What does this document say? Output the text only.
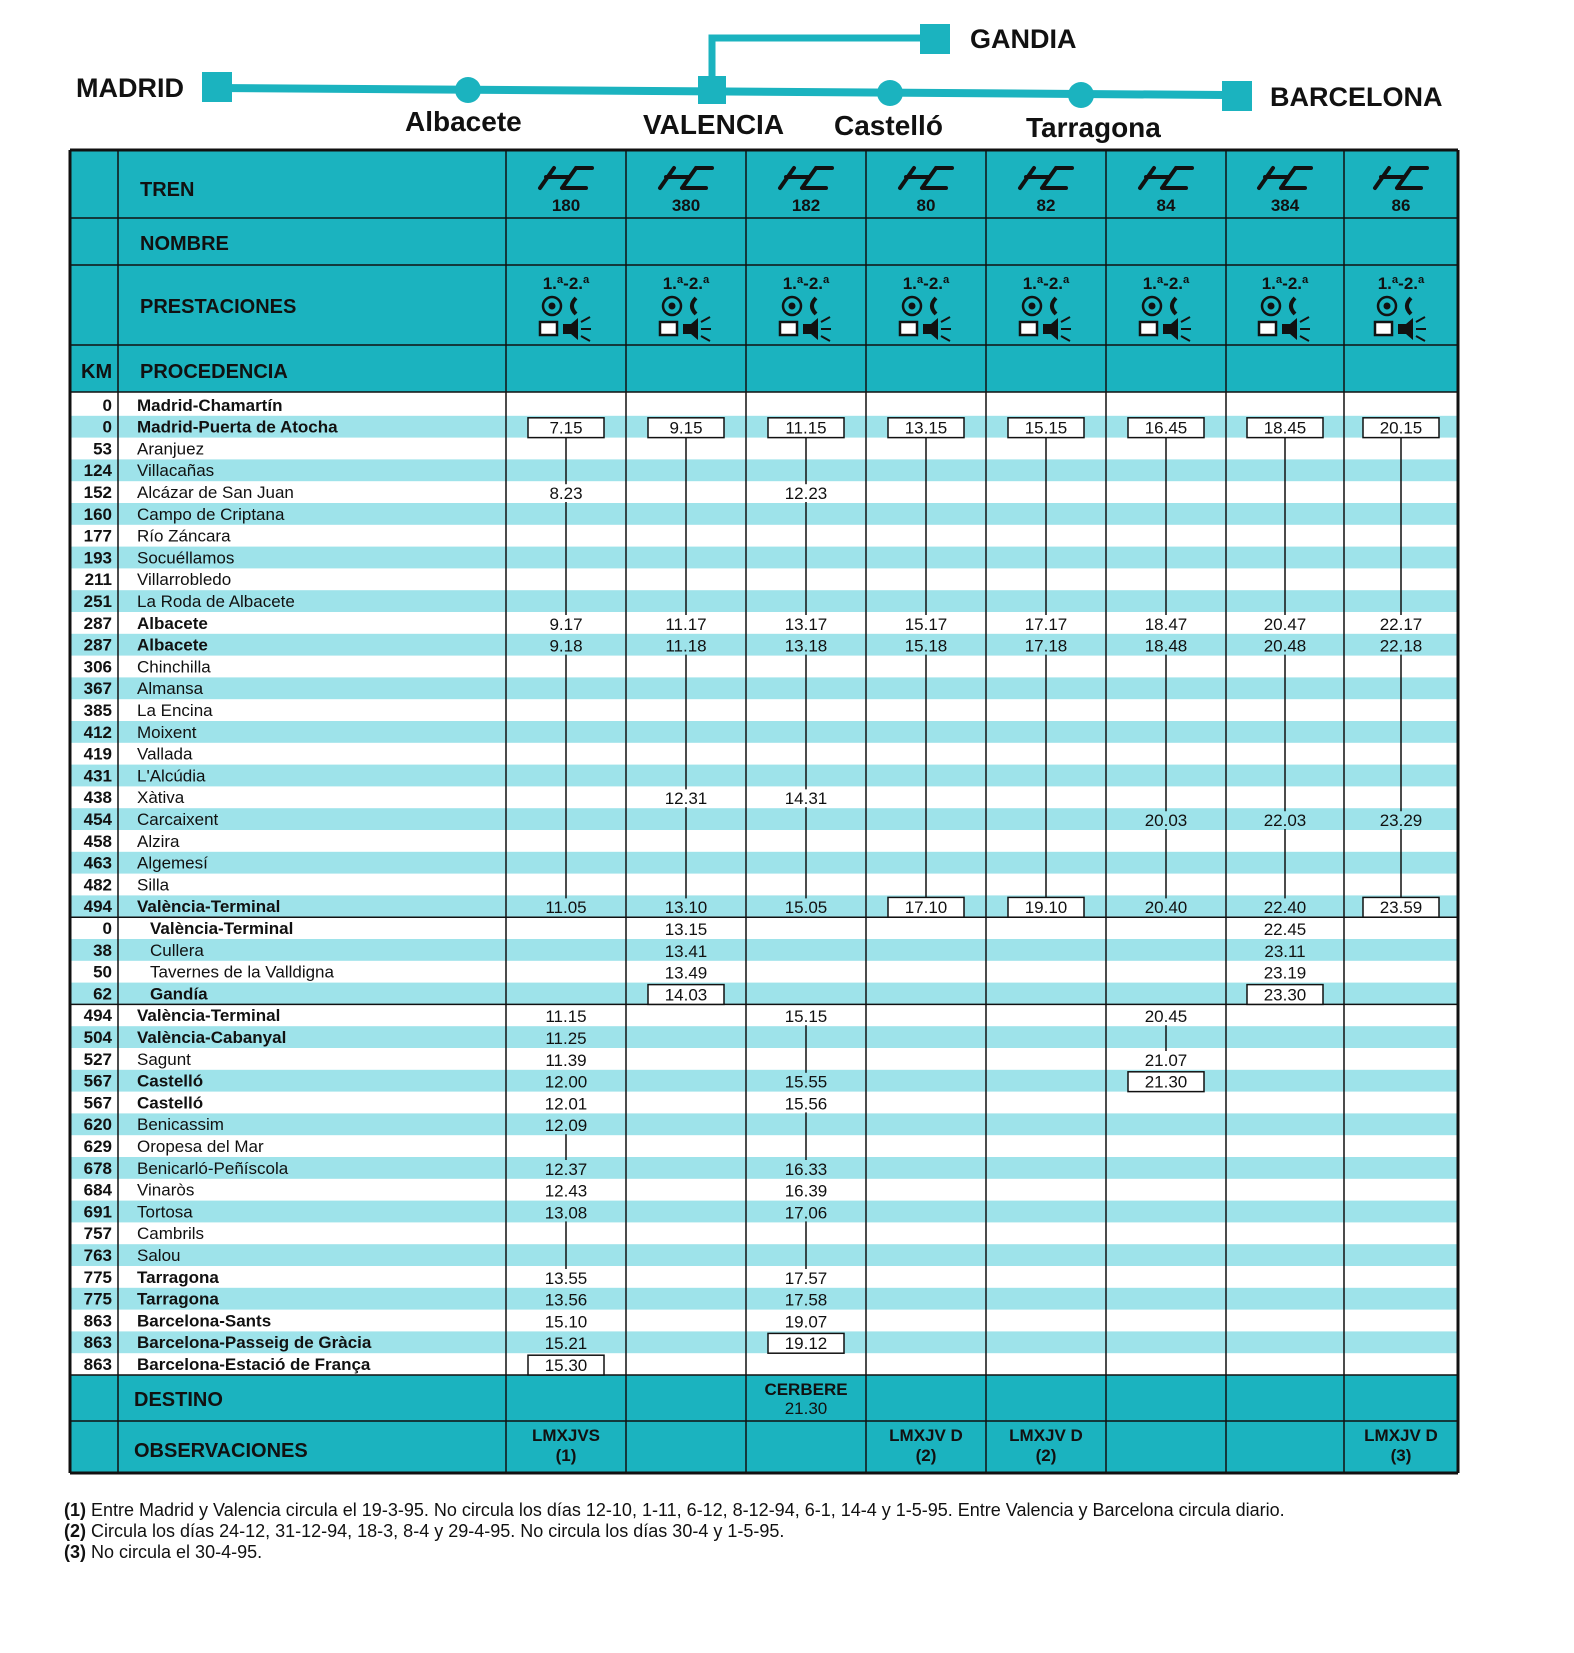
MADRID
GANDIA
BARCELONA
Albacete	VALENCIA Castelló	Tarragona
TREN
NOMBRE
PRESTACIONES
KM PROCEDENCIA
DESTINO
OBSERVACIONES
180
1.ª-2.ª
LMXJVS
(1)
380
1.ª-2.ª
182
1.ª-2.ª
CERBERE
21.30
80
1.ª-2.ª
LMXJV D
(2)
82
1.ª-2.ª
LMXJV D
(2)
84
1.ª-2.ª
384
1.ª-2.ª
86
1.ª-2.ª
LMXJV D
(3)
0 Madrid-Chamartín
0 Madrid-Puerta de Atocha
53 Aranjuez
124 Villacañas
152 Alcázar de San Juan
160 Campo de Criptana
177 Río Záncara
193 Socuéllamos
211 Villarrobledo
251 La Roda de Albacete
287 Albacete
287 Albacete
306 Chinchilla
367 Almansa
385 La Encina
412 Moixent
419 Vallada
431 L'Alcúdia
438 Xàtiva
454 Carcaixent
458 Alzira
463 Algemesí
482 Silla
494 València-Terminal
0 València-Terminal
38 Cullera
50 Tavernes de la Valldigna
62 Gandía
494 València-Terminal
504 València-Cabanyal
527 Sagunt
567 Castelló
567 Castelló
620 Benicassim
629 Oropesa del Mar
678 Benicarló-Peñíscola
684 Vinaròs
691 Tortosa
757 Cambrils
763 Salou
775 Tarragona
775 Tarragona
863 Barcelona-Sants
863 Barcelona-Passeig de Gràcia
863 Barcelona-Estació de França
7.15
8.23
9.17
9.18
11.05
11.15
11.25
11.39
12.00
12.01
12.09
12.37
12.43
13.08
13.55
13.56
15.10
15.21
15.30
9.15
11.17
11.18
12.31
13.10
13.15
13.41
13.49
14.03
11.15
12.23
13.17
13.18
14.31
15.05
15.15
15.55
15.56
16.33
16.39
17.06
17.57
17.58
19.07
19.12
13.15
15.17
15.18
17.10
15.15
17.17
17.18
19.10
16.45
18.47
18.48
20.03
20.40
20.45
21.07
21.30
18.45
20.47
20.48
22.03
22.40
22.45
23.11
23.19
23.30
20.15
22.17
22.18
23.29
23.59
(1) Entre Madrid y Valencia circula el 19-3-95. No circula los días 12-10, 1-11, 6-12, 8-12-94, 6-1, 14-4 y 1-5-95. Entre Valencia y Barcelona circula diario.
(2) Circula los días 24-12, 31-12-94, 18-3, 8-4 y 29-4-95. No circula los días 30-4 y 1-5-95.
(3) No circula el 30-4-95.
